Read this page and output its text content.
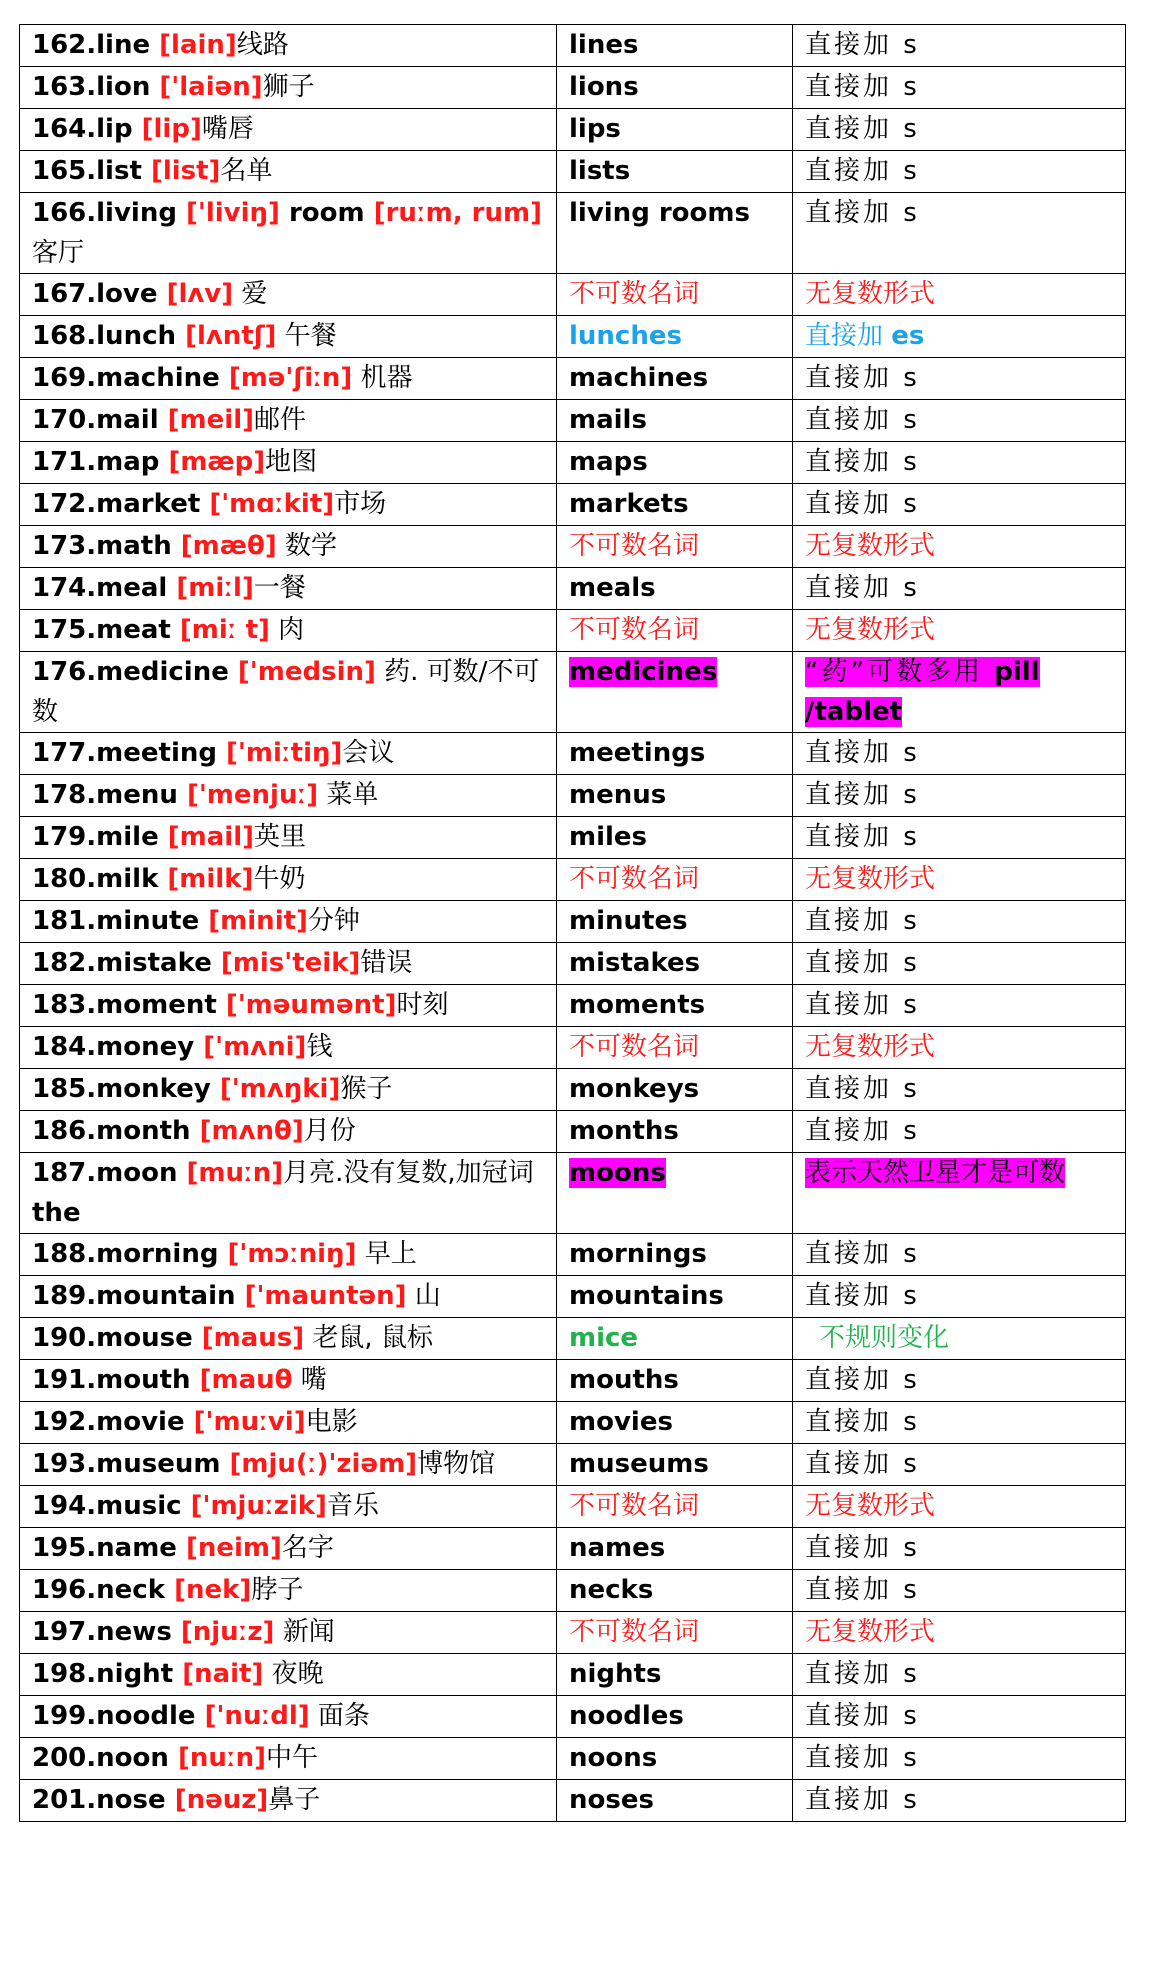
162.line [lain]线路	lines	直接加 s
163.lion ['laiən]狮子	lions	直接加 s
164.lip [lip]嘴唇	lips	直接加 s
165.list [list]名单	lists	直接加 s
166.living ['liviŋ] room [ruːm, rum]客厅	living rooms	直接加 s
167.love [lʌv] 爱	不可数名词	无复数形式
168.lunch [lʌntʃ] 午餐	lunches	直接加 es
169.machine [mə'ʃiːn] 机器	machines	直接加 s
170.mail [meil]邮件	mails	直接加 s
171.map [mæp]地图	maps	直接加 s
172.market ['mɑːkit]市场	markets	直接加 s
173.math [mæθ] 数学	不可数名词	无复数形式
174.meal [miːl]一餐	meals	直接加 s
175.meat [miː t] 肉	不可数名词	无复数形式
176.medicine ['medsin] 药. 可数/不可数	medicines	“药”可数多用 pill /tablet
177.meeting ['miːtiŋ]会议	meetings	直接加 s
178.menu ['menjuː] 菜单	menus	直接加 s
179.mile [mail]英里	miles	直接加 s
180.milk [milk]牛奶	不可数名词	无复数形式
181.minute [minit]分钟	minutes	直接加 s
182.mistake [mis'teik]错误	mistakes	直接加 s
183.moment ['məumənt]时刻	moments	直接加 s
184.money ['mʌni]钱	不可数名词	无复数形式
185.monkey ['mʌŋki]猴子	monkeys	直接加 s
186.month [mʌnθ]月份	months	直接加 s
187.moon [muːn]月亮.没有复数,加冠词 the	moons	表示天然卫星才是可数
188.morning ['mɔːniŋ] 早上	mornings	直接加 s
189.mountain ['mauntən] 山	mountains	直接加 s
190.mouse [maus] 老鼠, 鼠标	mice	不规则变化
191.mouth [mauθ 嘴	mouths	直接加 s
192.movie ['muːvi]电影	movies	直接加 s
193.museum [mju(ː)'ziəm]博物馆	museums	直接加 s
194.music ['mjuːzik]音乐	不可数名词	无复数形式
195.name [neim]名字	names	直接加 s
196.neck [nek]脖子	necks	直接加 s
197.news [njuːz] 新闻	不可数名词	无复数形式
198.night [nait] 夜晚	nights	直接加 s
199.noodle ['nuːdl] 面条	noodles	直接加 s
200.noon [nuːn]中午	noons	直接加 s
201.nose [nəuz]鼻子	noses	直接加 s
